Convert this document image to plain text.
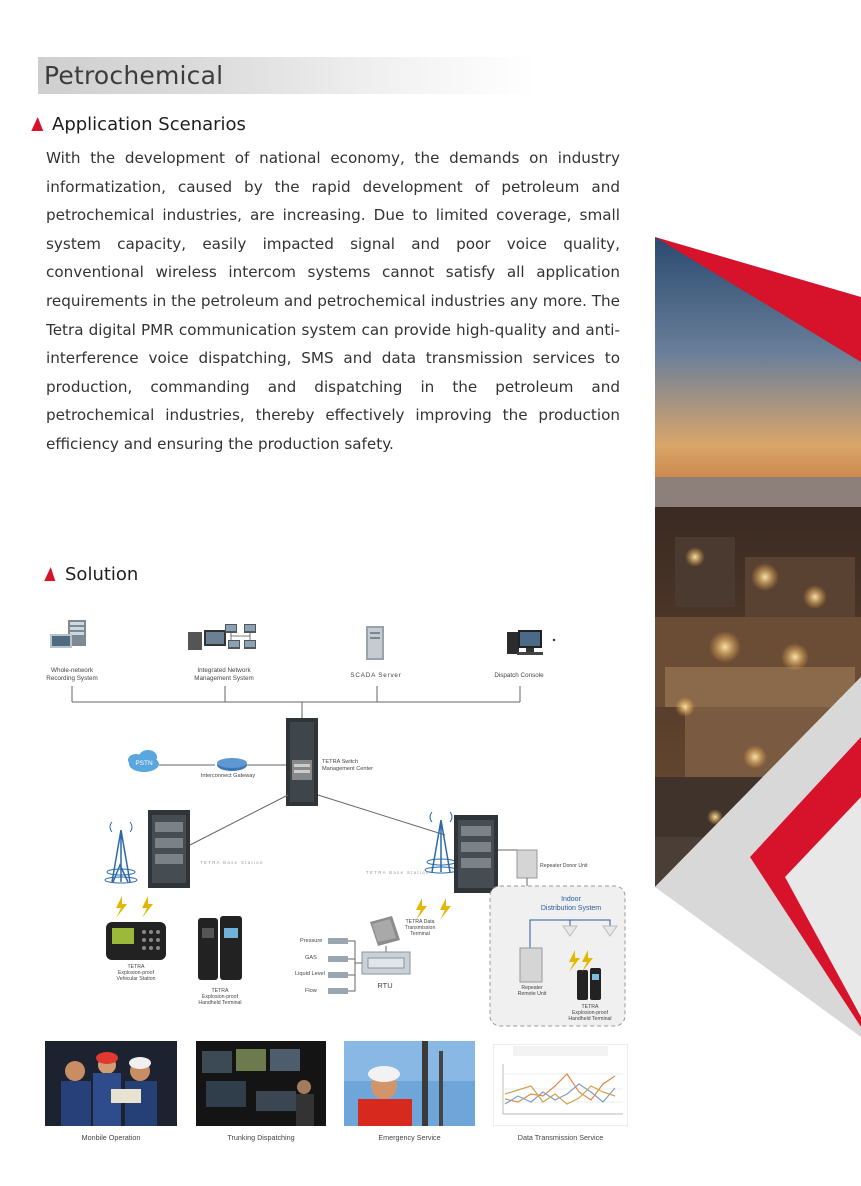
Petrochemical
Application Scenarios
With the development of national economy, the demands on industry informatization, caused by the rapid development of petroleum and petrochemical industries, are increasing. Due to limited coverage, small system capacity, easily impacted signal and poor voice quality, conventional wireless intercom systems cannot satisfy all application requirements in the petroleum and petrochemical industries any more. The Tetra digital PMR communication system can provide high-quality and anti-interference voice dispatching, SMS and data transmission services to production, commanding and dispatching in the petroleum and petrochemical industries, thereby effectively improving the production efficiency and ensuring the production safety.
Solution
Whole-network
Recording System
Integrated Network
Management System	SCADA Server	Dispatch Console
PSTN
Interconnect Gateway
TETRA Switch
Management Center
TETRA Base Station
TETRA Base Station
Repeater Donor Unit
Indoor
Distribution System
TETRA Data
Transmission
Terminal
Pressure
GAS
Liquid Level
Flow
RTU
TETRA
Explosion-proof
Vehicular Station
TETRA
Explosion-proof
Handheld Terminal
Repeater
Remote Unit
TETRA
Explosion-proof
Handheld Terminal
Monbile Operation	Trunking Dispatching	Emergency Service	Data Transmission Service
